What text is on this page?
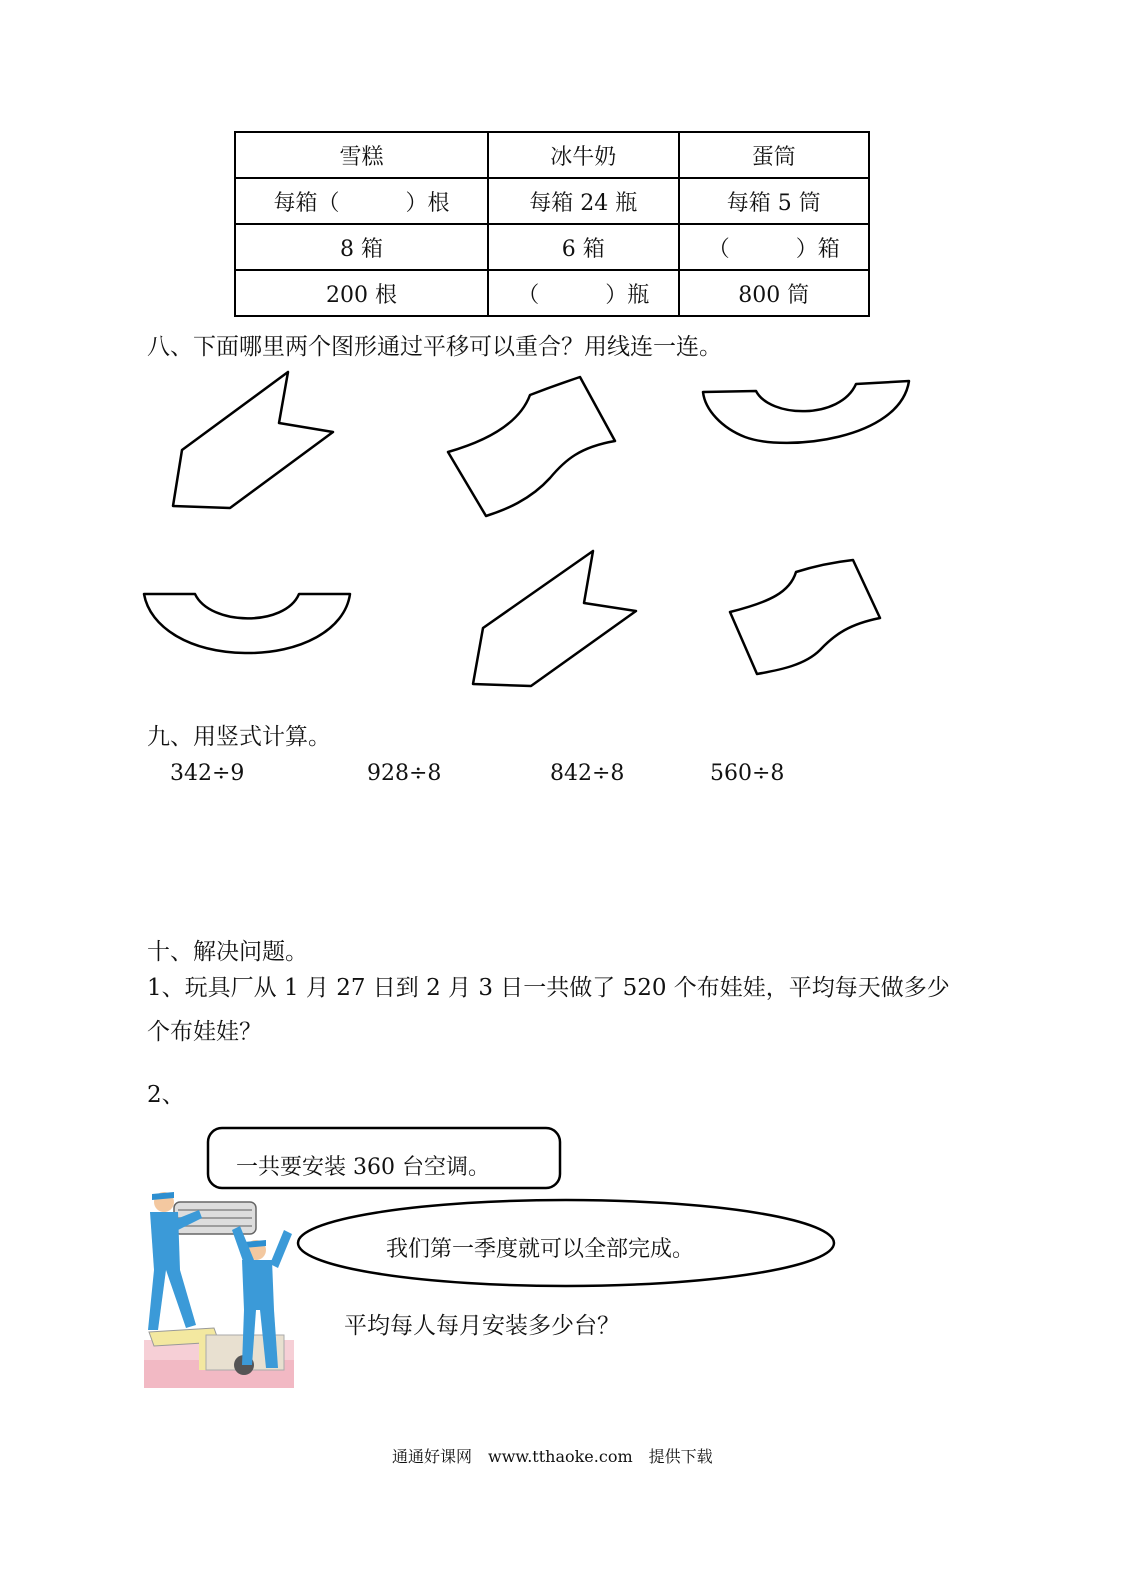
雪糕	冰牛奶	蛋筒
每箱（　　　）根	每箱 24 瓶	每箱 5 筒
8 箱	6 箱	（　　　）箱
200 根	（　　　）瓶	800 筒
八、下面哪里两个图形通过平移可以重合？用线连一连。
九、用竖式计算。
342÷9	928÷8	842÷8	560÷8
十、解决问题。
1、玩具厂从 1 月 27 日到 2 月 3 日一共做了 520 个布娃娃，平均每天做多少
个布娃娃？
2、
一共要安装 360 台空调。
我们第一季度就可以全部完成。
平均每人每月安装多少台？
通通好课网　www.tthaoke.com　提供下载
